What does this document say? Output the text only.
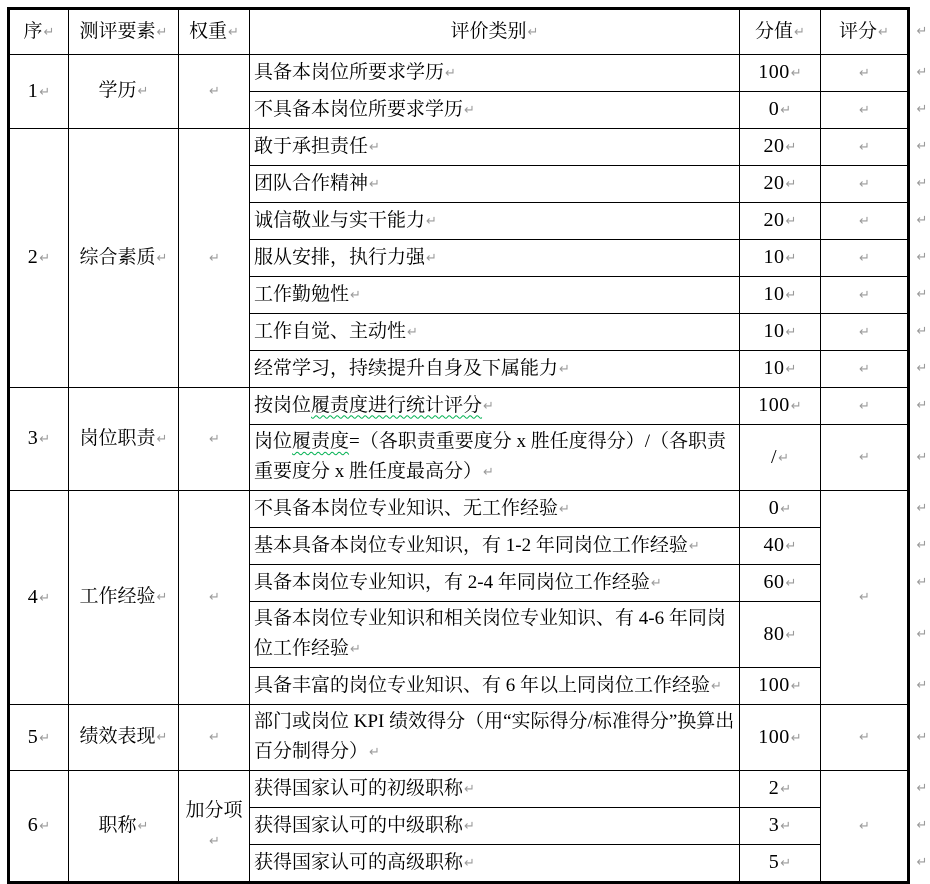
序↵	测评要素↵	权重↵	评价类别↵	分值↵	评分↵
1↵	学历↵	↵	具备本岗位所要求学历↵	100↵	↵
			不具备本岗位所要求学历↵	0↵	↵
2↵	综合素质↵	↵	敢于承担责任↵	20↵	↵
			团队合作精神↵	20↵	↵
			诚信敬业与实干能力↵	20↵	↵
			服从安排，执行力强↵	10↵	↵
			工作勤勉性↵	10↵	↵
			工作自觉、主动性↵	10↵	↵
			经常学习，持续提升自身及下属能力↵	10↵	↵
3↵	岗位职责↵	↵	按岗位履责度进行统计评分↵	100↵	↵
			岗位履责度=（各职责重要度分 x 胜任度得分）/（各职责重要度分 x 胜任度最高分）↵	/↵	↵
4↵	工作经验↵	↵	不具备本岗位专业知识、无工作经验↵	0↵	↵
			基本具备本岗位专业知识，有 1-2 年同岗位工作经验↵	40↵	
			具备本岗位专业知识，有 2-4 年同岗位工作经验↵	60↵	
			具备本岗位专业知识和相关岗位专业知识、有 4-6 年同岗位工作经验↵	80↵	
			具备丰富的岗位专业知识、有 6 年以上同岗位工作经验↵	100↵	
5↵	绩效表现↵	↵	部门或岗位 KPI 绩效得分（用“实际得分/标准得分”换算出百分制得分）↵	100↵	↵
6↵	职称↵	加分项↵	获得国家认可的初级职称↵	2↵	↵
			获得国家认可的中级职称↵	3↵	
			获得国家认可的高级职称↵	5↵	
↵
↵
↵
↵
↵
↵
↵
↵
↵
↵
↵
↵
↵
↵
↵
↵
↵
↵
↵
↵
↵
